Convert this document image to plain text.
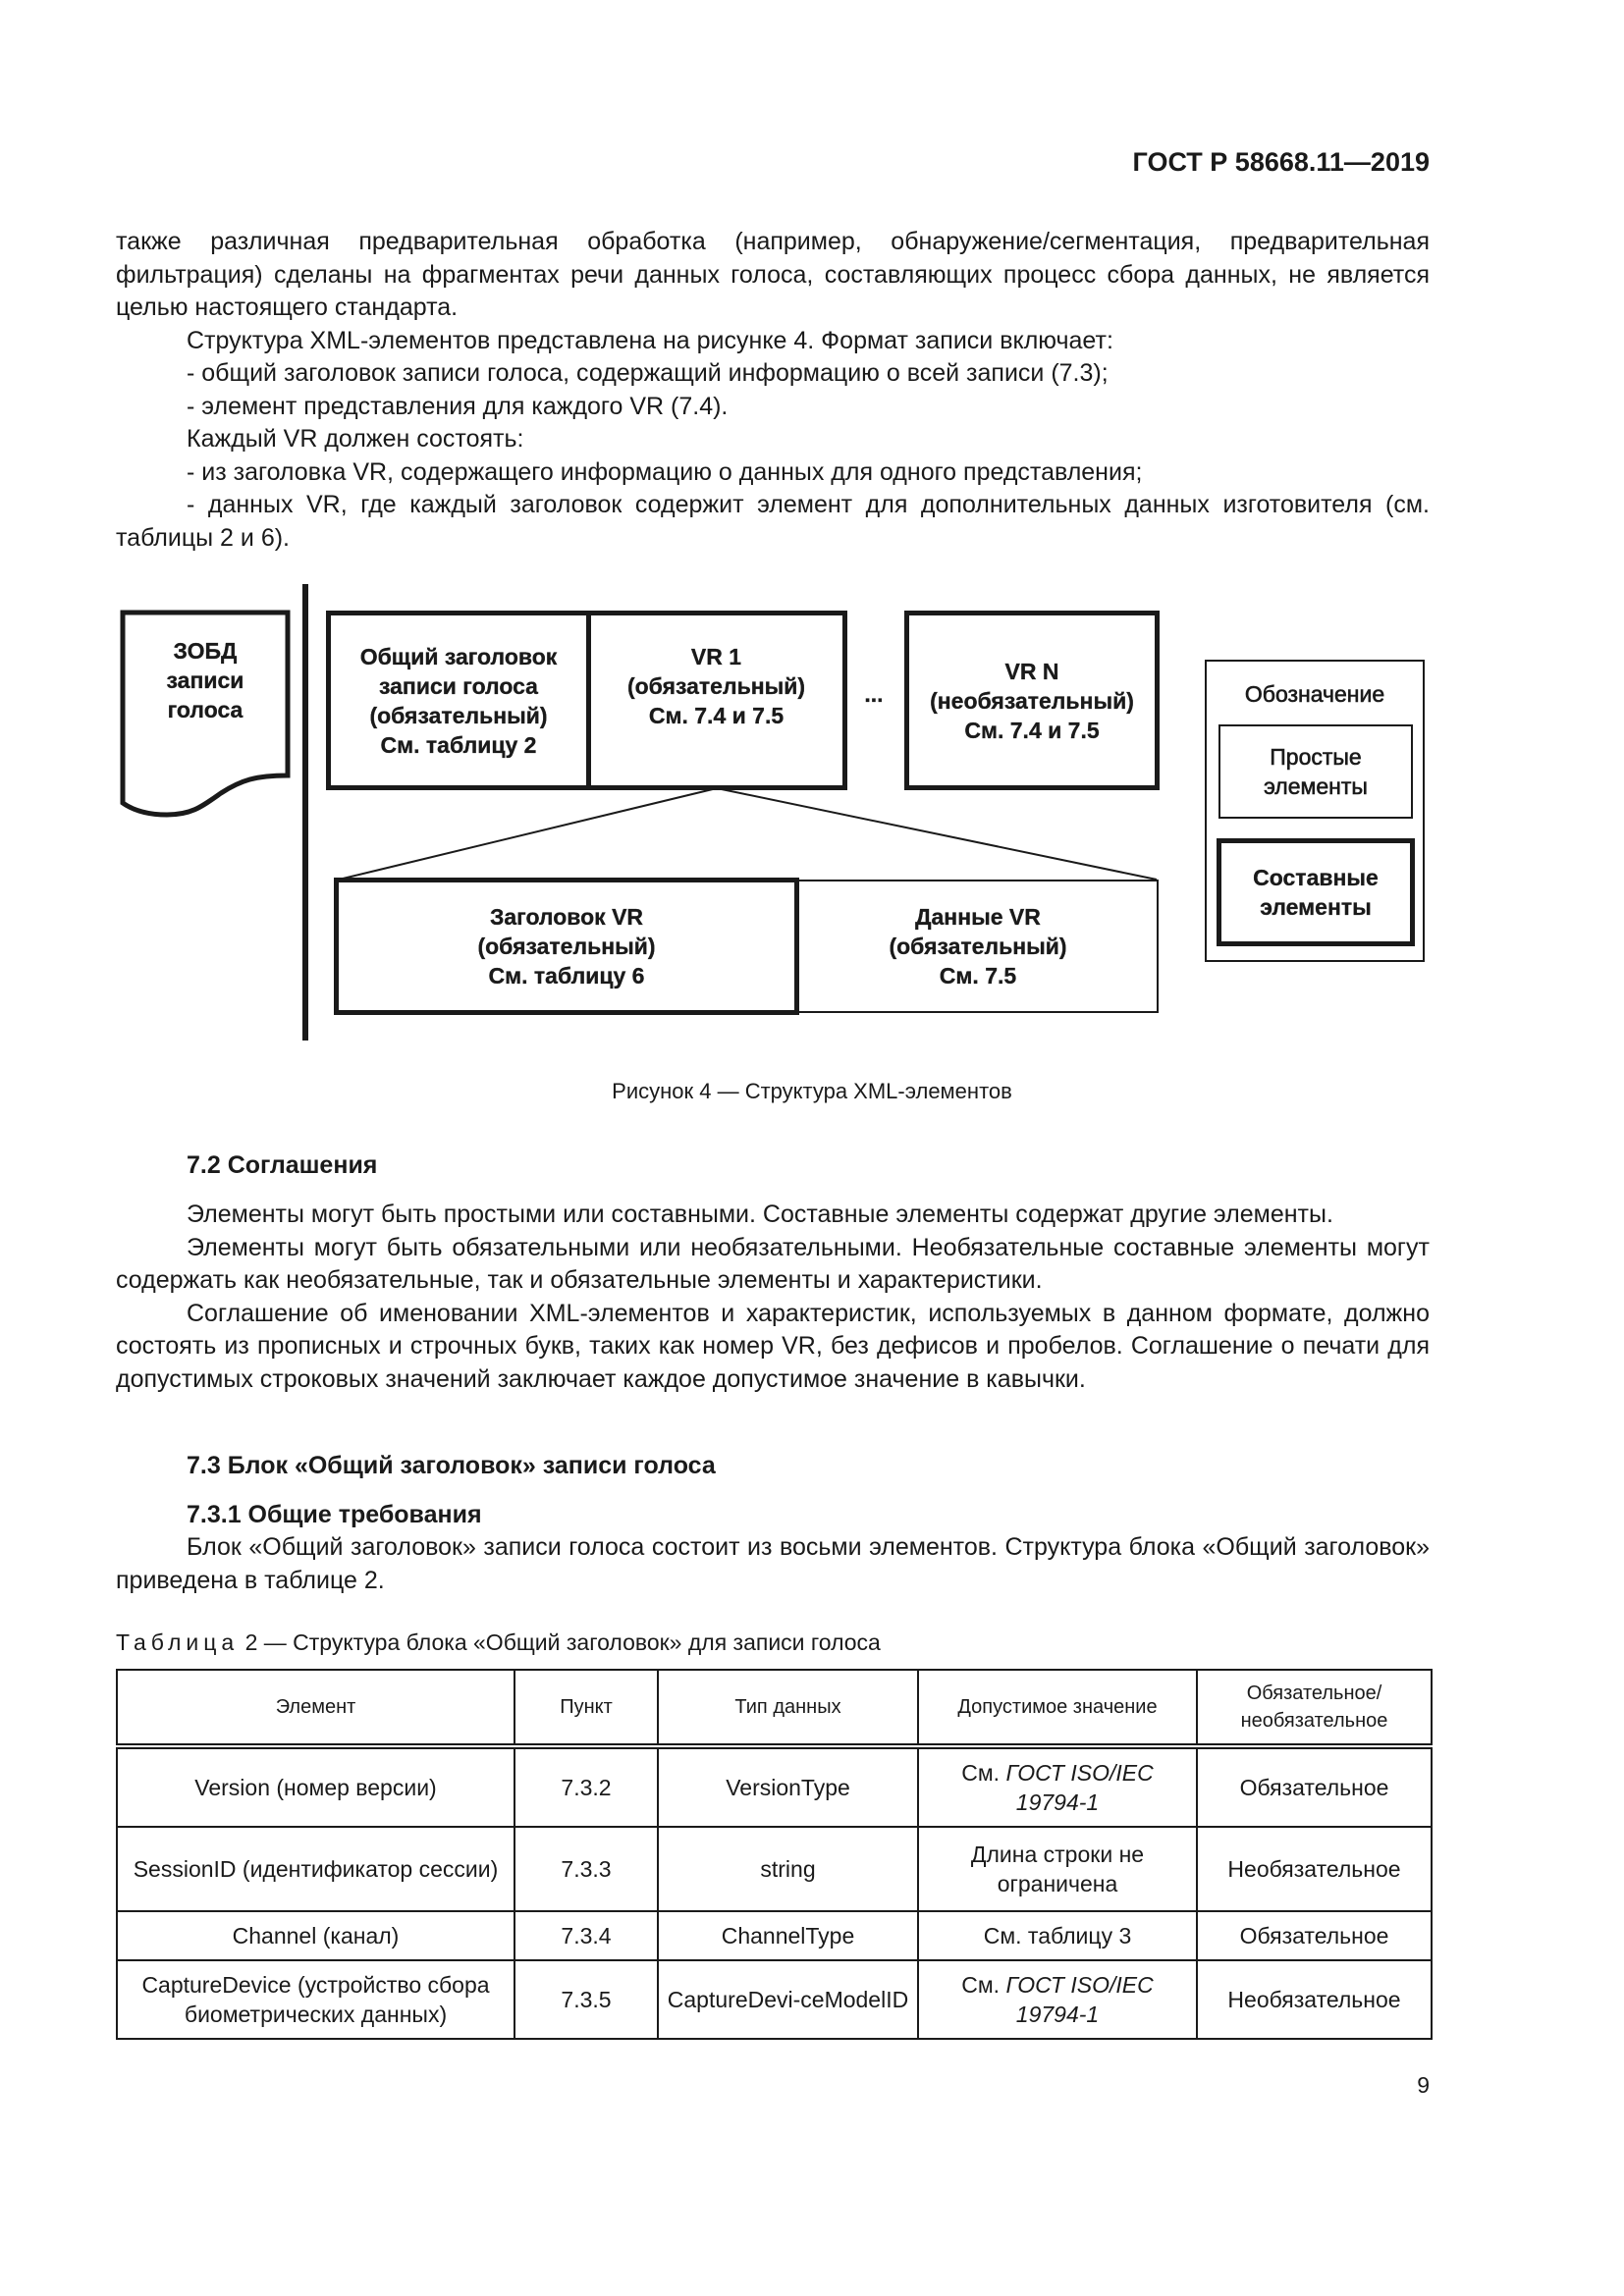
ГОСТ Р 58668.11—2019

также различная предварительная обработка (например, обнаружение/сегментация, предварительная фильтрация) сделаны на фрагментах речи данных голоса, составляющих процесс сбора данных, не является целью настоящего стандарта.

Структура XML-элементов представлена на рисунке 4. Формат записи включает:

- общий заголовок записи голоса, содержащий информацию о всей записи (7.3);

- элемент представления для каждого VR (7.4).

Каждый VR должен состоять:

- из заголовка VR, содержащего информацию о данных для одного представления;

- данных VR, где каждый заголовок содержит элемент для дополнительных данных изготовителя (см. таблицы 2 и 6).

ЗОБД
записи
голоса
Общий заголовок
записи голоса
(обязательный)
См. таблицу 2
VR 1
(обязательный)
См. 7.4 и 7.5
...
VR N
(необязательный)
См. 7.4 и 7.5
Заголовок VR
(обязательный)
См. таблицу 6
Данные VR
(обязательный)
См. 7.5
Обозначение
Простые
элементы
Составные
элементы
Рисунок 4 — Структура XML-элементов
7.2 Соглашения

Элементы могут быть простыми или составными. Составные элементы содержат другие элементы.

Элементы могут быть обязательными или необязательными. Необязательные составные элементы могут содержать как необязательные, так и обязательные элементы и характеристики.

Соглашение об именовании XML-элементов и характеристик, используемых в данном формате, должно состоять из прописных и строчных букв, таких как номер VR, без дефисов и пробелов. Соглашение о печати для допустимых строковых значений заключает каждое допустимое значение в кавычки.

7.3 Блок «Общий заголовок» записи голоса
7.3.1 Общие требования

Блок «Общий заголовок» записи голоса состоит из восьми элементов. Структура блока «Общий заголовок» приведена в таблице 2.

Таблица 2 — Структура блока «Общий заголовок» для записи голоса
Элемент	Пункт	Тип данных	Допустимое значение	Обязательное/ необязательное
Version (номер версии)	7.3.2	VersionType	См. ГОСТ ISO/IEC 19794-1	Обязательное
SessionID (идентификатор сессии)	7.3.3	string	Длина строки не ограничена	Необязательное
Channel (канал)	7.3.4	ChannelType	См. таблицу 3	Обязательное
CaptureDevice (устройство сбора биометрических данных)	7.3.5	CaptureDevi-ceModelID	См. ГОСТ ISO/IEC 19794-1	Необязательное
9
